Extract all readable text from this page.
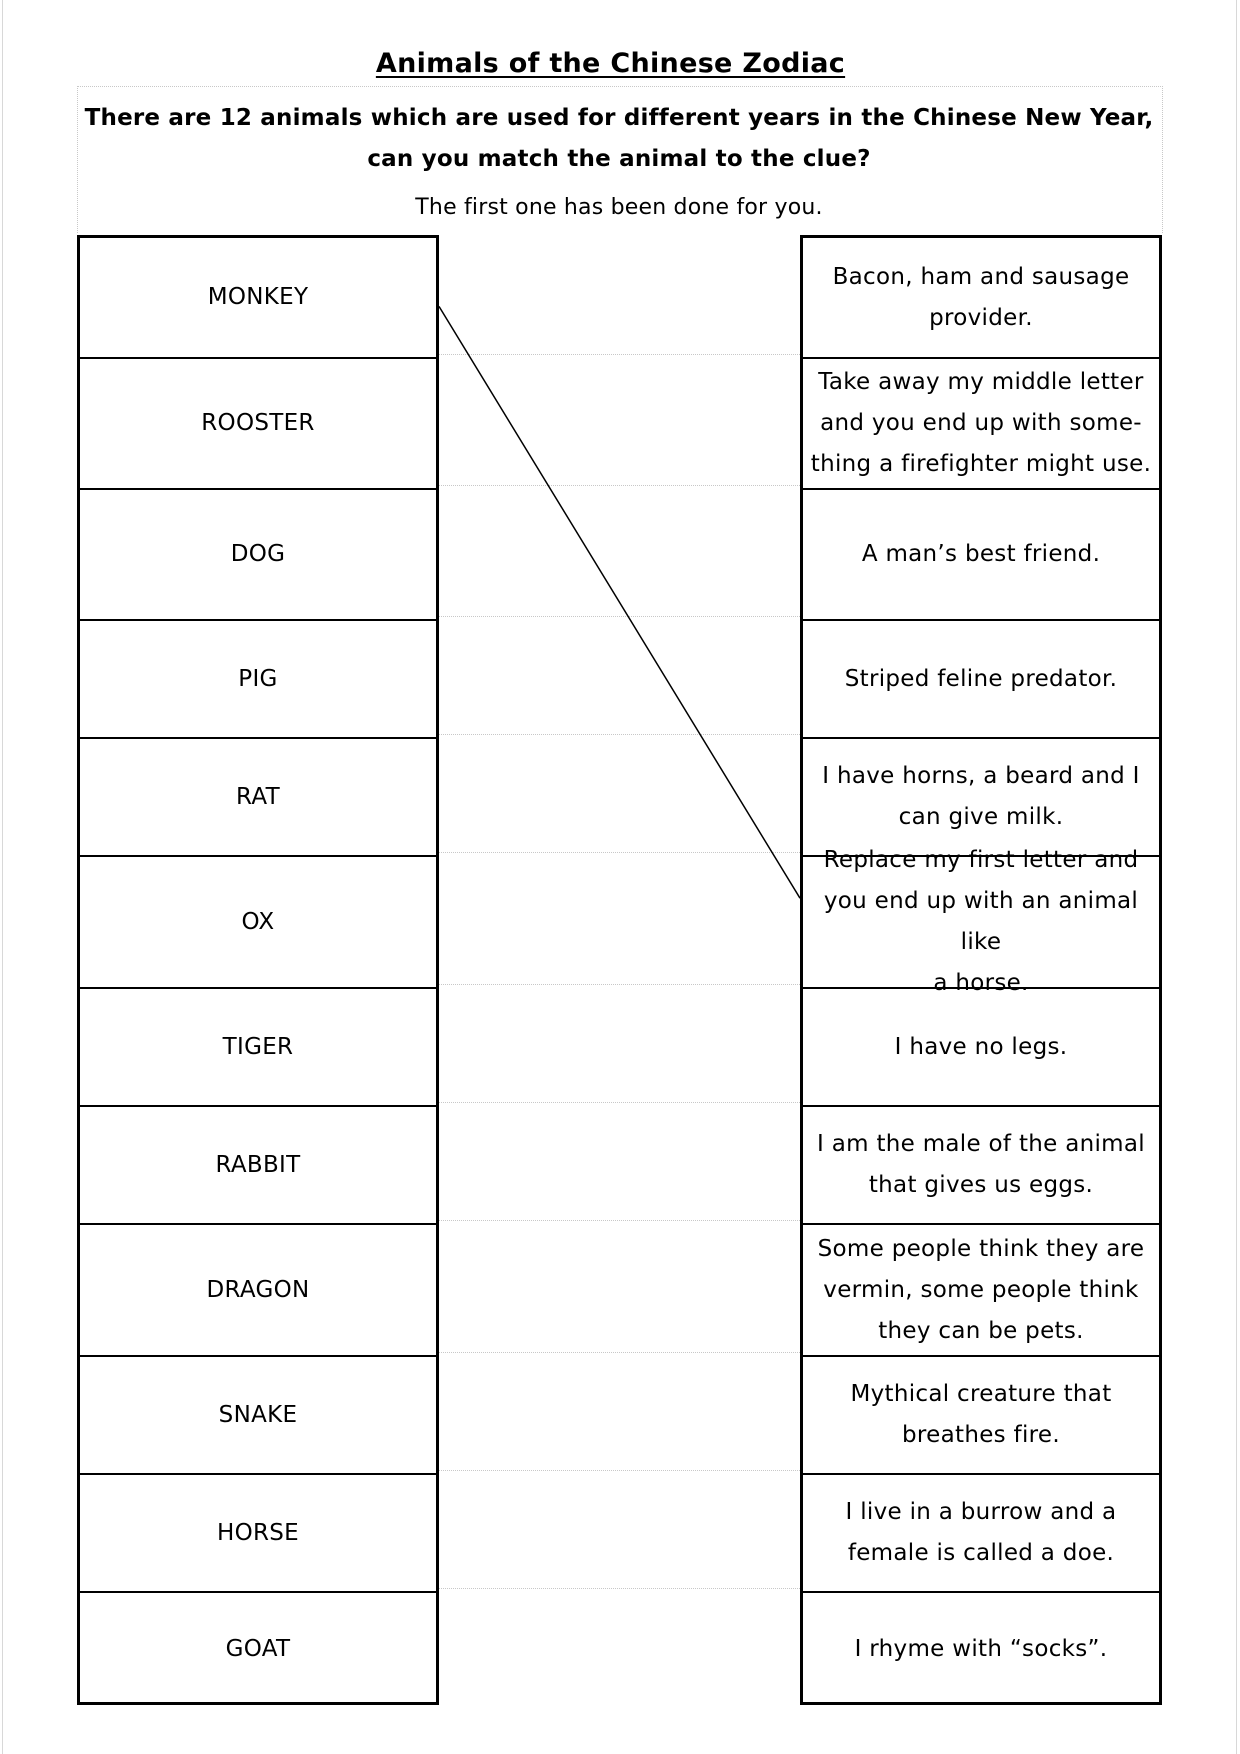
Animals of the Chinese Zodiac
There are 12 animals which are used for different years in the Chinese New Year,
can you match the animal to the clue?
The first one has been done for you.
MONKEY
ROOSTER
DOG
PIG
RAT
OX
TIGER
RABBIT
DRAGON
SNAKE
HORSE
GOAT
Bacon, ham and sausage
provider.
Take away my middle letter
and you end up with some-
thing a firefighter might use.
A man’s best friend.
Striped feline predator.
I have horns, a beard and I
can give milk.
Replace my first letter and
you end up with an animal like
a horse.
I have no legs.
I am the male of the animal
that gives us eggs.
Some people think they are
vermin, some people think
they can be pets.
Mythical creature that
breathes fire.
I live in a burrow and a
female is called a doe.
I rhyme with “socks”.
